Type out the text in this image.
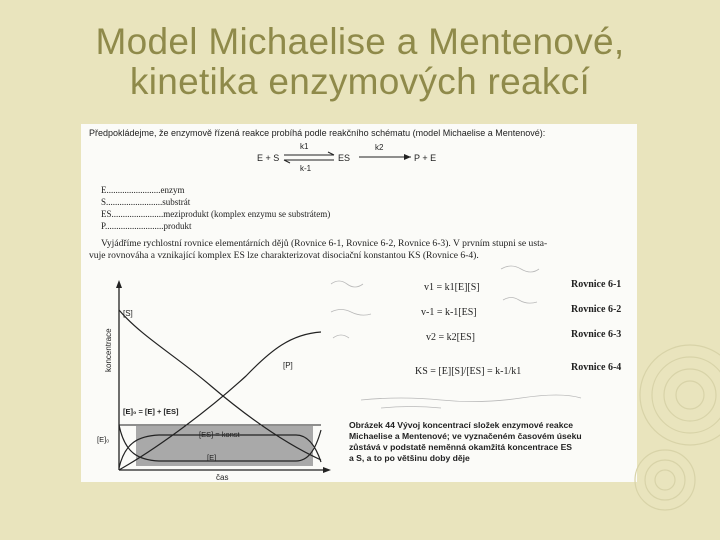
Model Michaelise a Mentenové,
kinetika enzymových reakcí
Předpokládejme, že enzymově řízená reakce probíhá podle reakčního schématu (model Michaelise a Mentenové):
E + S	ES	P + E
k1
k-1
k2
E........................enzym
S.........................substrát
ES.......................meziprodukt (komplex enzymu se substrátem)
P..........................produkt
Vyjádříme rychlostní rovnice elementárních dějů (Rovnice 6-1, Rovnice 6-2, Rovnice 6-3). V prvním stupni se usta-
vuje rovnováha a vznikající komplex ES lze charakterizovat disociační konstantou KS (Rovnice 6-4).
koncentrace
čas
[S]
[P]
[E]₀
[E]₀ = [E] + [ES]
[ES] = konst
[E]
v1 = k1[E][S]	Rovnice 6-1
v-1 = k-1[ES]	Rovnice 6-2
v2 = k2[ES]	Rovnice 6-3
KS = [E][S]/[ES] = k-1/k1	Rovnice 6-4
Obrázek 44 Vývoj koncentrací složek enzymové reakce
Michaelise a Mentenové; ve vyznačeném časovém úseku
zůstává v podstatě neměnná okamžitá koncentrace ES
a S, a to po většinu doby děje
